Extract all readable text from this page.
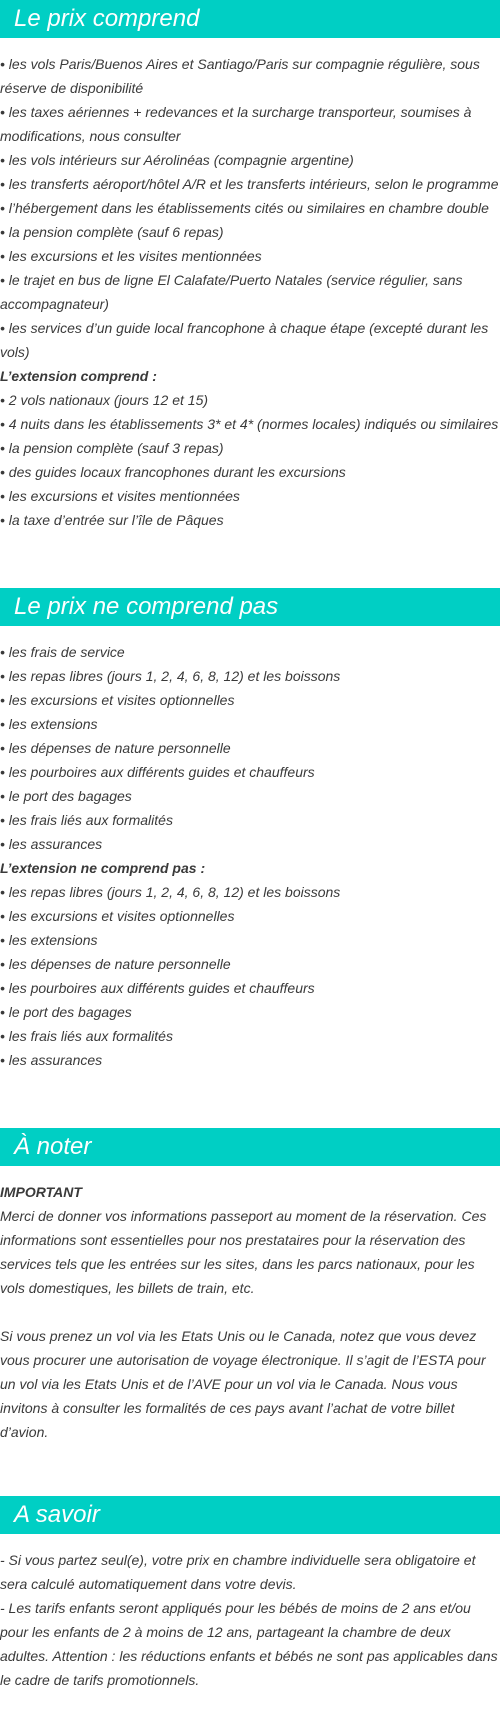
Le prix comprend

• les vols Paris/Buenos Aires et Santiago/Paris sur compagnie régulière, sous réserve de disponibilité

• les taxes aériennes + redevances et la surcharge transporteur, soumises à modifications, nous consulter

• les vols intérieurs sur Aérolinéas (compagnie argentine)

• les transferts aéroport/hôtel A/R et les transferts intérieurs, selon le programme

• l’hébergement dans les établissements cités ou similaires en chambre double

• la pension complète (sauf 6 repas)

• les excursions et les visites mentionnées

• le trajet en bus de ligne El Calafate/Puerto Natales (service régulier, sans accompagnateur)

• les services d’un guide local francophone à chaque étape (excepté durant les vols)

L’extension comprend :

• 2 vols nationaux (jours 12 et 15)

• 4 nuits dans les établissements 3* et 4* (normes locales) indiqués ou similaires

• la pension complète (sauf 3 repas)

• des guides locaux francophones durant les excursions

• les excursions et visites mentionnées

• la taxe d’entrée sur l’île de Pâques

Le prix ne comprend pas

• les frais de service

• les repas libres (jours 1, 2, 4, 6, 8, 12) et les boissons

• les excursions et visites optionnelles

• les extensions

• les dépenses de nature personnelle

• les pourboires aux différents guides et chauffeurs

• le port des bagages

• les frais liés aux formalités

• les assurances

L’extension ne comprend pas :

• les repas libres (jours 1, 2, 4, 6, 8, 12) et les boissons

• les excursions et visites optionnelles

• les extensions

• les dépenses de nature personnelle

• les pourboires aux différents guides et chauffeurs

• le port des bagages

• les frais liés aux formalités

• les assurances

À noter

IMPORTANT

Merci de donner vos informations passeport au moment de la réservation. Ces informations sont essentielles pour nos prestataires pour la réservation des services tels que les entrées sur les sites, dans les parcs nationaux, pour les vols domestiques, les billets de train, etc.

Si vous prenez un vol via les Etats Unis ou le Canada, notez que vous devez vous procurer une autorisation de voyage électronique. Il s’agit de l’ESTA pour un vol via les Etats Unis et de l’AVE pour un vol via le Canada. Nous vous invitons à consulter les formalités de ces pays avant l’achat de votre billet d’avion.

A savoir

- Si vous partez seul(e), votre prix en chambre individuelle sera obligatoire et sera calculé automatiquement dans votre devis.

- Les tarifs enfants seront appliqués pour les bébés de moins de 2 ans et/ou pour les enfants de 2 à moins de 12 ans, partageant la chambre de deux adultes. Attention : les réductions enfants et bébés ne sont pas applicables dans le cadre de tarifs promotionnels.
